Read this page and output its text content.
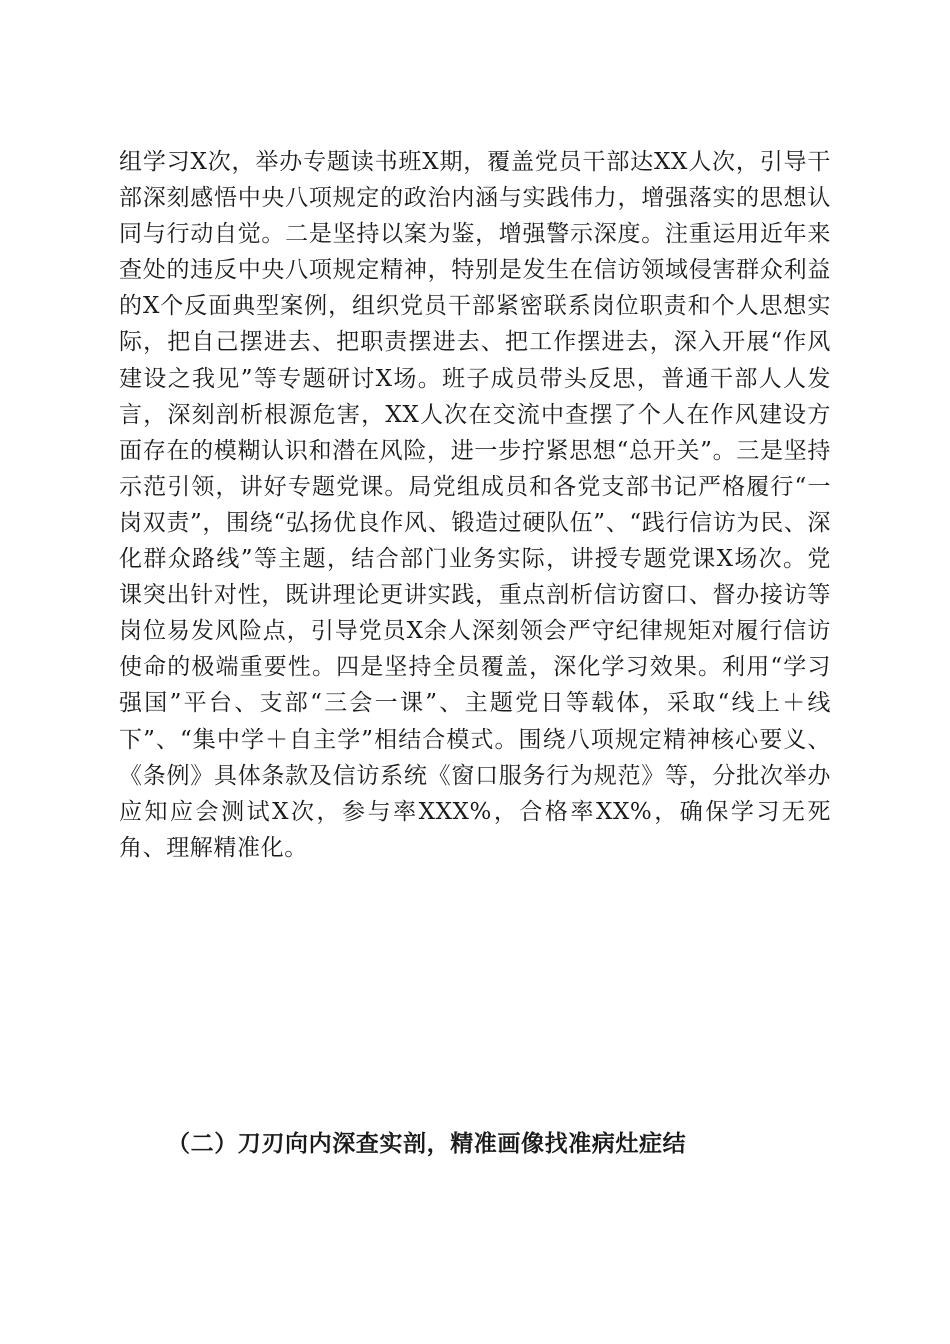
组学习X次，举办专题读书班X期，覆盖党员干部达XX人次，引导干部深刻感悟中央八项规定的政治内涵与实践伟力，增强落实的思想认同与行动自觉。二是坚持以案为鉴，增强警示深度。注重运用近年来查处的违反中央八项规定精神，特别是发生在信访领域侵害群众利益的X个反面典型案例，组织党员干部紧密联系岗位职责和个人思想实际，把自己摆进去、把职责摆进去、把工作摆进去，深入开展“作风建设之我见”等专题研讨X场。班子成员带头反思，普通干部人人发言，深刻剖析根源危害，XX人次在交流中查摆了个人在作风建设方面存在的模糊认识和潜在风险，进一步拧紧思想“总开关”。三是坚持示范引领，讲好专题党课。局党组成员和各党支部书记严格履行“一岗双责”，围绕“弘扬优良作风、锻造过硬队伍”、“践行信访为民、深化群众路线”等主题，结合部门业务实际，讲授专题党课X场次。党课突出针对性，既讲理论更讲实践，重点剖析信访窗口、督办接访等岗位易发风险点，引导党员X余人深刻领会严守纪律规矩对履行信访使命的极端重要性。四是坚持全员覆盖，深化学习效果。利用“学习强国”平台、支部“三会一课”、主题党日等载体，采取“线上＋线下”、“集中学＋自主学”相结合模式。围绕八项规定精神核心要义、《条例》具体条款及信访系统《窗口服务行为规范》等，分批次举办应知应会测试X次，参与率XXX%，合格率XX%，确保学习无死角、理解精准化。

（二）刀刃向内深查实剖，精准画像找准病灶症结
